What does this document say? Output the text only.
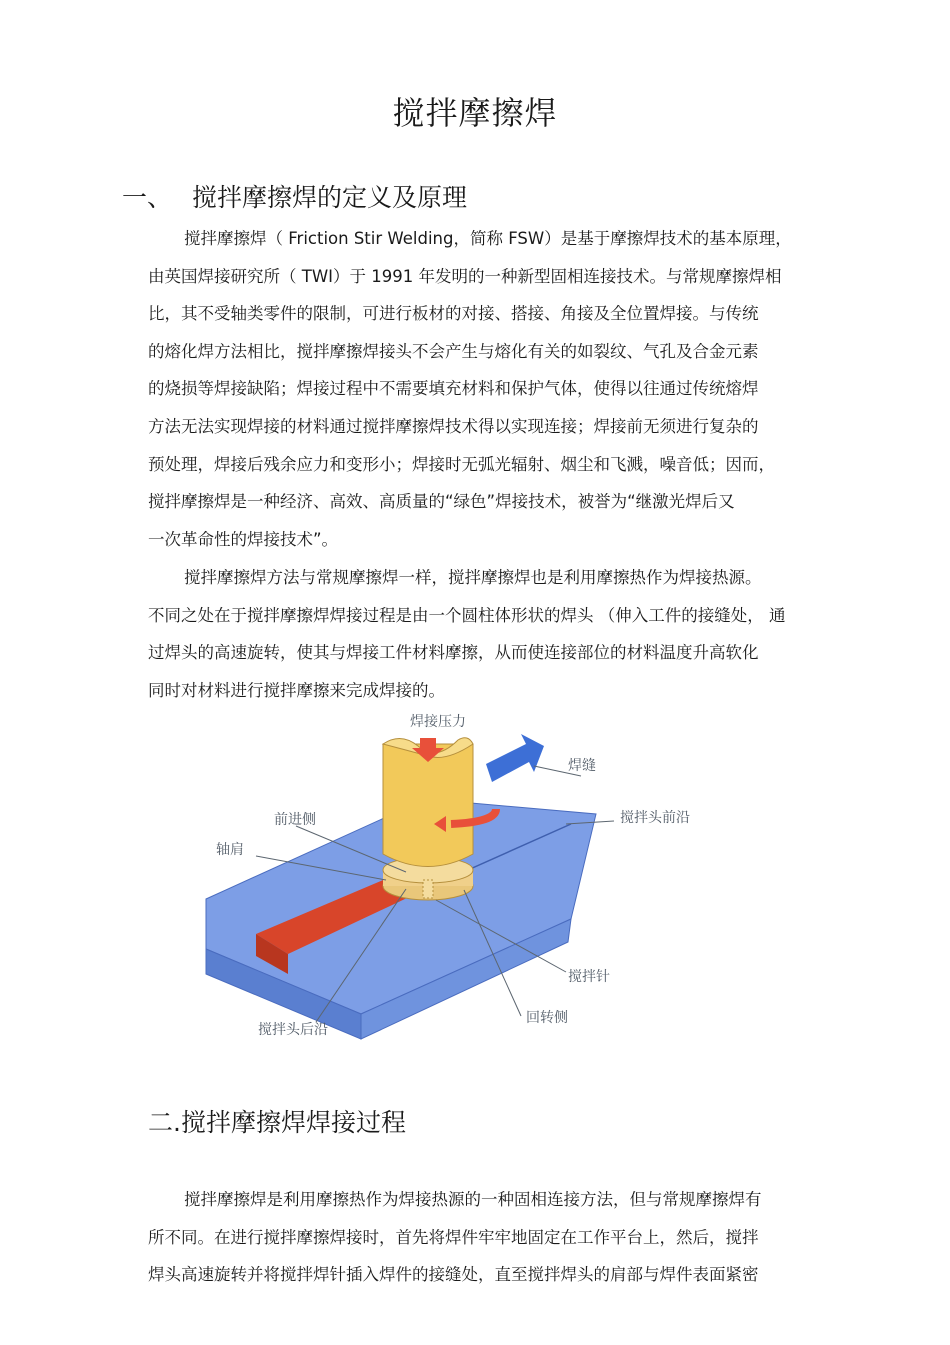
搅拌摩擦焊
一、 搅拌摩擦焊的定义及原理
搅拌摩擦焊（ Friction Stir Welding，简称 FSW）是基于摩擦焊技术的基本原理，
由英国焊接研究所（ TWI）于 1991 年发明的一种新型固相连接技术。与常规摩擦焊相
比，其不受轴类零件的限制，可进行板材的对接、搭接、角接及全位置焊接。与传统
的熔化焊方法相比，搅拌摩擦焊接头不会产生与熔化有关的如裂纹、气孔及合金元素
的烧损等焊接缺陷；焊接过程中不需要填充材料和保护气体，使得以往通过传统熔焊
方法无法实现焊接的材料通过搅拌摩擦焊技术得以实现连接；焊接前无须进行复杂的
预处理，焊接后残余应力和变形小；焊接时无弧光辐射、烟尘和飞溅，噪音低；因而，
搅拌摩擦焊是一种经济、高效、高质量的“绿色”焊接技术，被誉为“继激光焊后又
一次革命性的焊接技术”。
搅拌摩擦焊方法与常规摩擦焊一样，搅拌摩擦焊也是利用摩擦热作为焊接热源。
不同之处在于搅拌摩擦焊焊接过程是由一个圆柱体形状的焊头 （伸入工件的接缝处， 通
过焊头的高速旋转，使其与焊接工件材料摩擦，从而使连接部位的材料温度升高软化
同时对材料进行搅拌摩擦来完成焊接的。
焊接压力
焊缝
前进侧
轴肩
搅拌头前沿
搅拌针
搅拌头后沿
回转侧
二.搅拌摩擦焊焊接过程
搅拌摩擦焊是利用摩擦热作为焊接热源的一种固相连接方法，但与常规摩擦焊有
所不同。在进行搅拌摩擦焊接时，首先将焊件牢牢地固定在工作平台上，然后，搅拌
焊头高速旋转并将搅拌焊针插入焊件的接缝处，直至搅拌焊头的肩部与焊件表面紧密
